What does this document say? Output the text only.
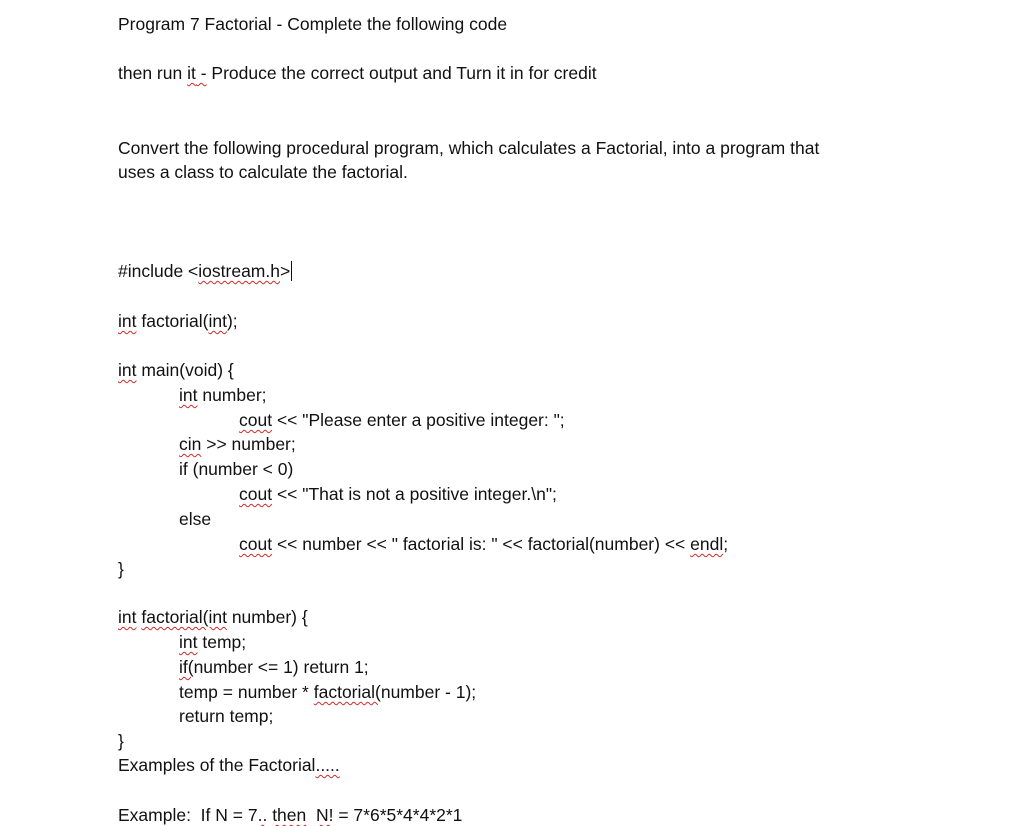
Program 7 Factorial - Complete the following code

then run it - Produce the correct output and Turn it in for credit

Convert the following procedural program, which calculates a Factorial, into a program that

uses a class to calculate the factorial.

#include <iostream.h>

int factorial(int);

int main(void) {

int number;

cout << "Please enter a positive integer: ";

cin >> number;

if (number < 0)

cout << "That is not a positive integer.\n";

else

cout << number << " factorial is: " << factorial(number) << endl;

}

int factorial(int number) {

int temp;

if(number <= 1) return 1;

temp = number * factorial(number - 1);

return temp;

}

Examples of the Factorial.....

Example:  If N = 7.. then N! = 7*6*5*4*4*2*1
